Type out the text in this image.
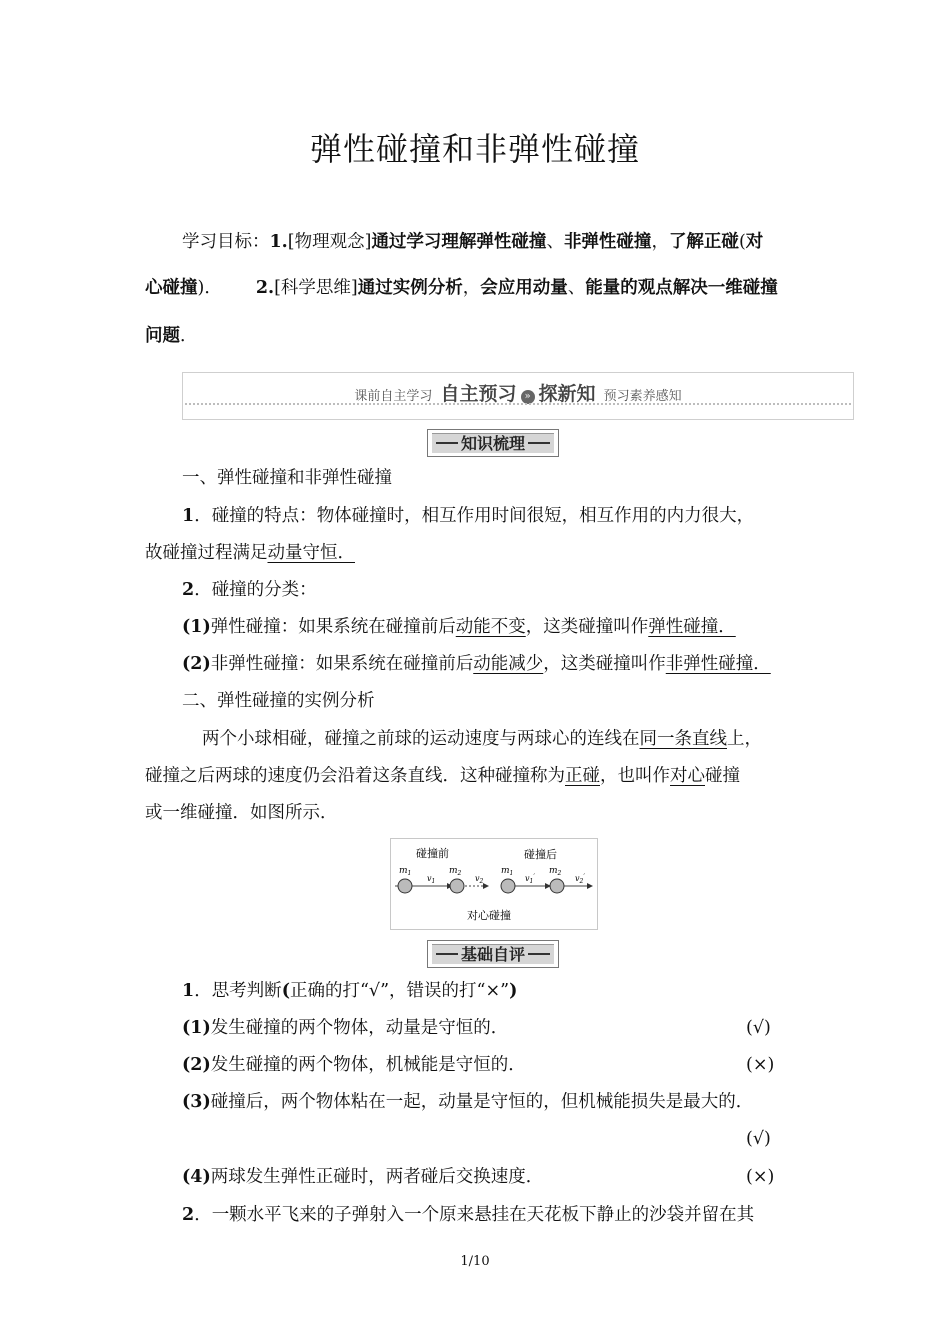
弹性碰撞和非弹性碰撞
学习目标：1.[物理观念]通过学习理解弹性碰撞、非弹性碰撞，了解正碰(对
心碰撞)． 2.[科学思维]通过实例分析，会应用动量、能量的观点解决一维碰撞
问题．
课前自主学习 自主预习 » 探新知 预习素养感知
知识梳理
一、弹性碰撞和非弹性碰撞
1．碰撞的特点：物体碰撞时，相互作用时间很短，相互作用的内力很大，
故碰撞过程满足动量守恒．
2．碰撞的分类：
(1)弹性碰撞：如果系统在碰撞前后动能不变，这类碰撞叫作弹性碰撞．
(2)非弹性碰撞：如果系统在碰撞前后动能减少，这类碰撞叫作非弹性碰撞．
二、弹性碰撞的实例分析
两个小球相碰，碰撞之前球的运动速度与两球心的连线在同一条直线上，
碰撞之后两球的速度仍会沿着这条直线．这种碰撞称为正碰，也叫作对心碰撞
或一维碰撞．如图所示．
碰撞前	碰撞后
$m_1$
$v_1$
$m_2$
$v_2$
$m_1$
$v_1'$
$m_2$
$v_2'$
对心碰撞
基础自评
1．思考判断(正确的打“√”，错误的打“×”)
(1)发生碰撞的两个物体，动量是守恒的．	(√)
(2)发生碰撞的两个物体，机械能是守恒的．	(×)
(3)碰撞后，两个物体粘在一起，动量是守恒的，但机械能损失是最大的．
(√)
(4)两球发生弹性正碰时，两者碰后交换速度．	(×)
2．一颗水平飞来的子弹射入一个原来悬挂在天花板下静止的沙袋并留在其
1/10
